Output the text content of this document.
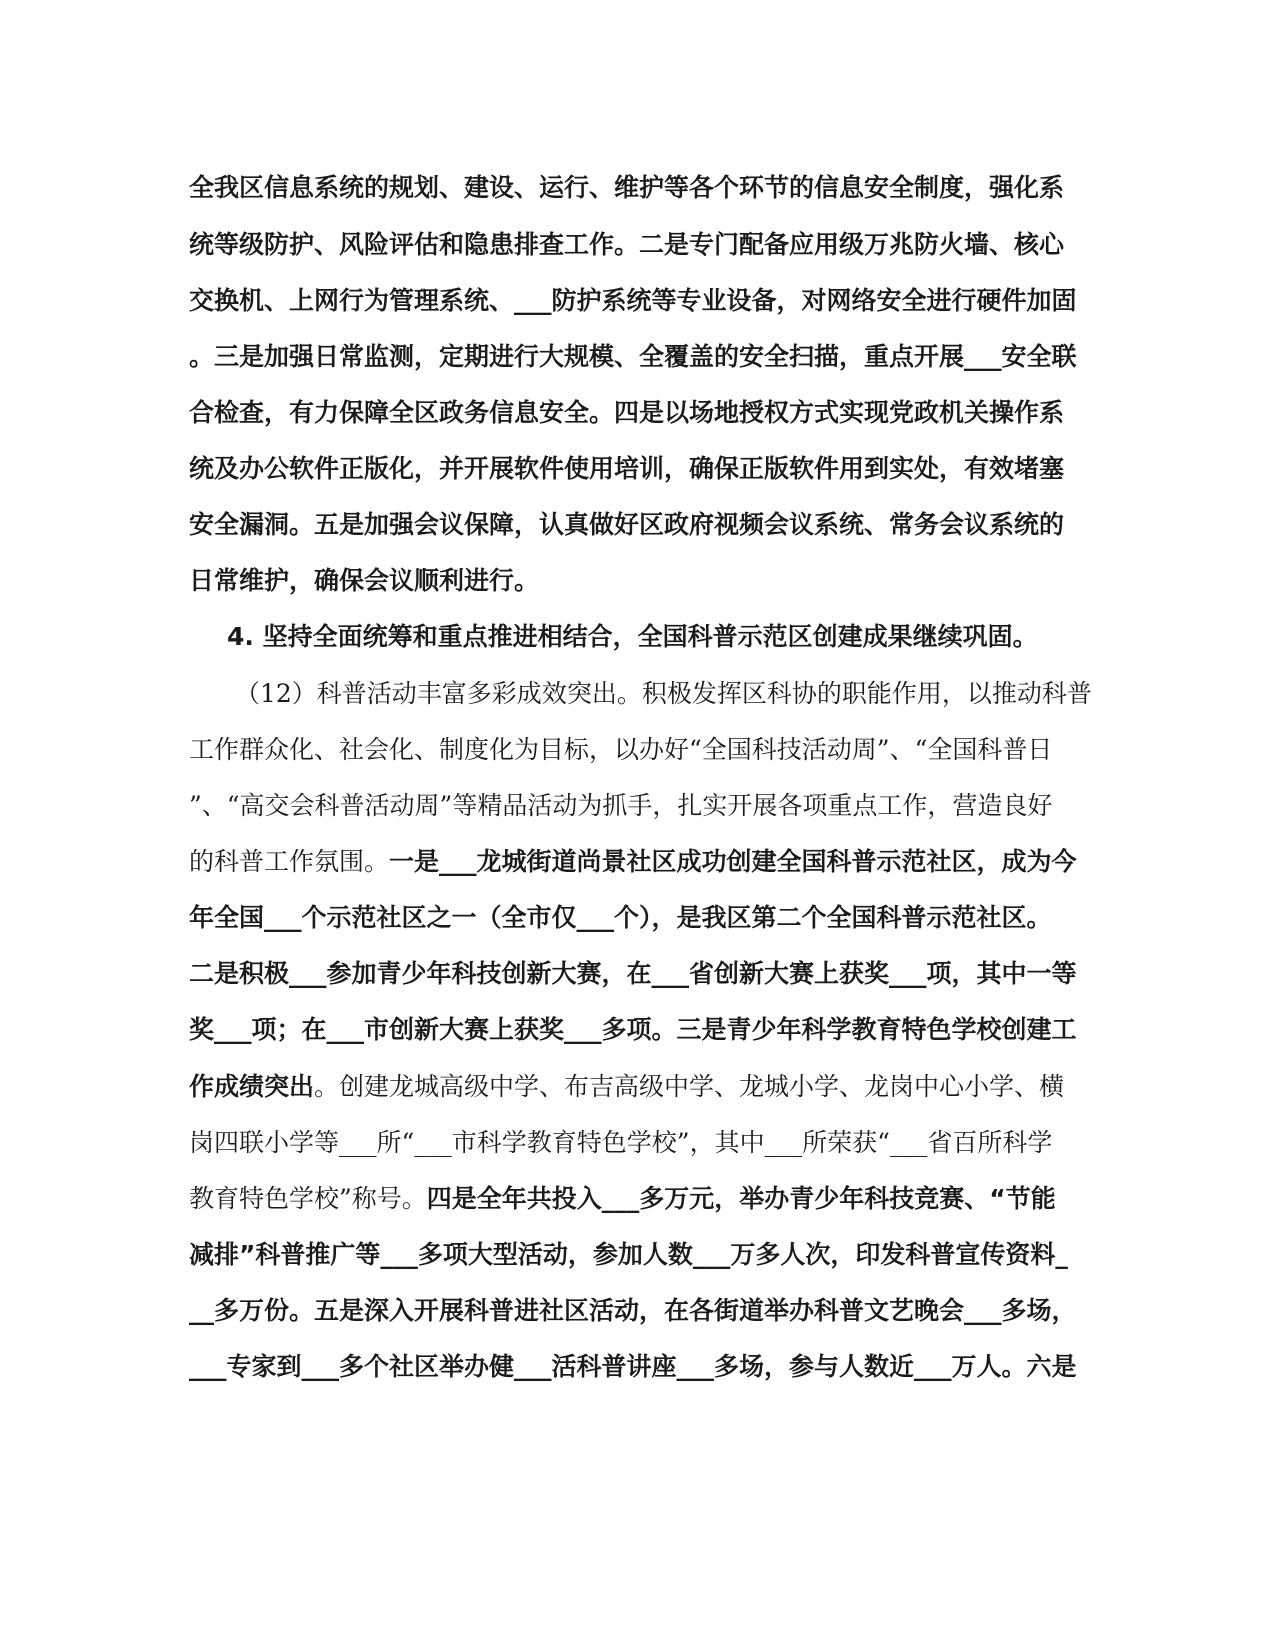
全我区信息系统的规划、建设、运行、维护等各个环节的信息安全制度，强化系
统等级防护、风险评估和隐患排查工作。二是专门配备应用级万兆防火墙、核心
交换机、上网行为管理系统、___防护系统等专业设备，对网络安全进行硬件加固
。三是加强日常监测，定期进行大规模、全覆盖的安全扫描，重点开展___安全联
合检查，有力保障全区政务信息安全。四是以场地授权方式实现党政机关操作系
统及办公软件正版化，并开展软件使用培训，确保正版软件用到实处，有效堵塞
安全漏洞。五是加强会议保障，认真做好区政府视频会议系统、常务会议系统的
日常维护，确保会议顺利进行。
4. 坚持全面统筹和重点推进相结合，全国科普示范区创建成果继续巩固。
（12）科普活动丰富多彩成效突出。积极发挥区科协的职能作用，以推动科普
工作群众化、社会化、制度化为目标，以办好“全国科技活动周”、“全国科普日
”、“高交会科普活动周”等精品活动为抓手，扎实开展各项重点工作，营造良好
的科普工作氛围。一是___龙城街道尚景社区成功创建全国科普示范社区，成为今
年全国___个示范社区之一（全市仅___个），是我区第二个全国科普示范社区。
二是积极___参加青少年科技创新大赛，在___省创新大赛上获奖___项，其中一等
奖___项；在___市创新大赛上获奖___多项。三是青少年科学教育特色学校创建工
作成绩突出。创建龙城高级中学、布吉高级中学、龙城小学、龙岗中心小学、横
岗四联小学等___所“___市科学教育特色学校”，其中___所荣获“___省百所科学
教育特色学校”称号。四是全年共投入___多万元，举办青少年科技竞赛、“节能
减排”科普推广等___多项大型活动，参加人数___万多人次，印发科普宣传资料_
__多万份。五是深入开展科普进社区活动，在各街道举办科普文艺晚会___多场，
___专家到___多个社区举办健___活科普讲座___多场，参与人数近___万人。六是
